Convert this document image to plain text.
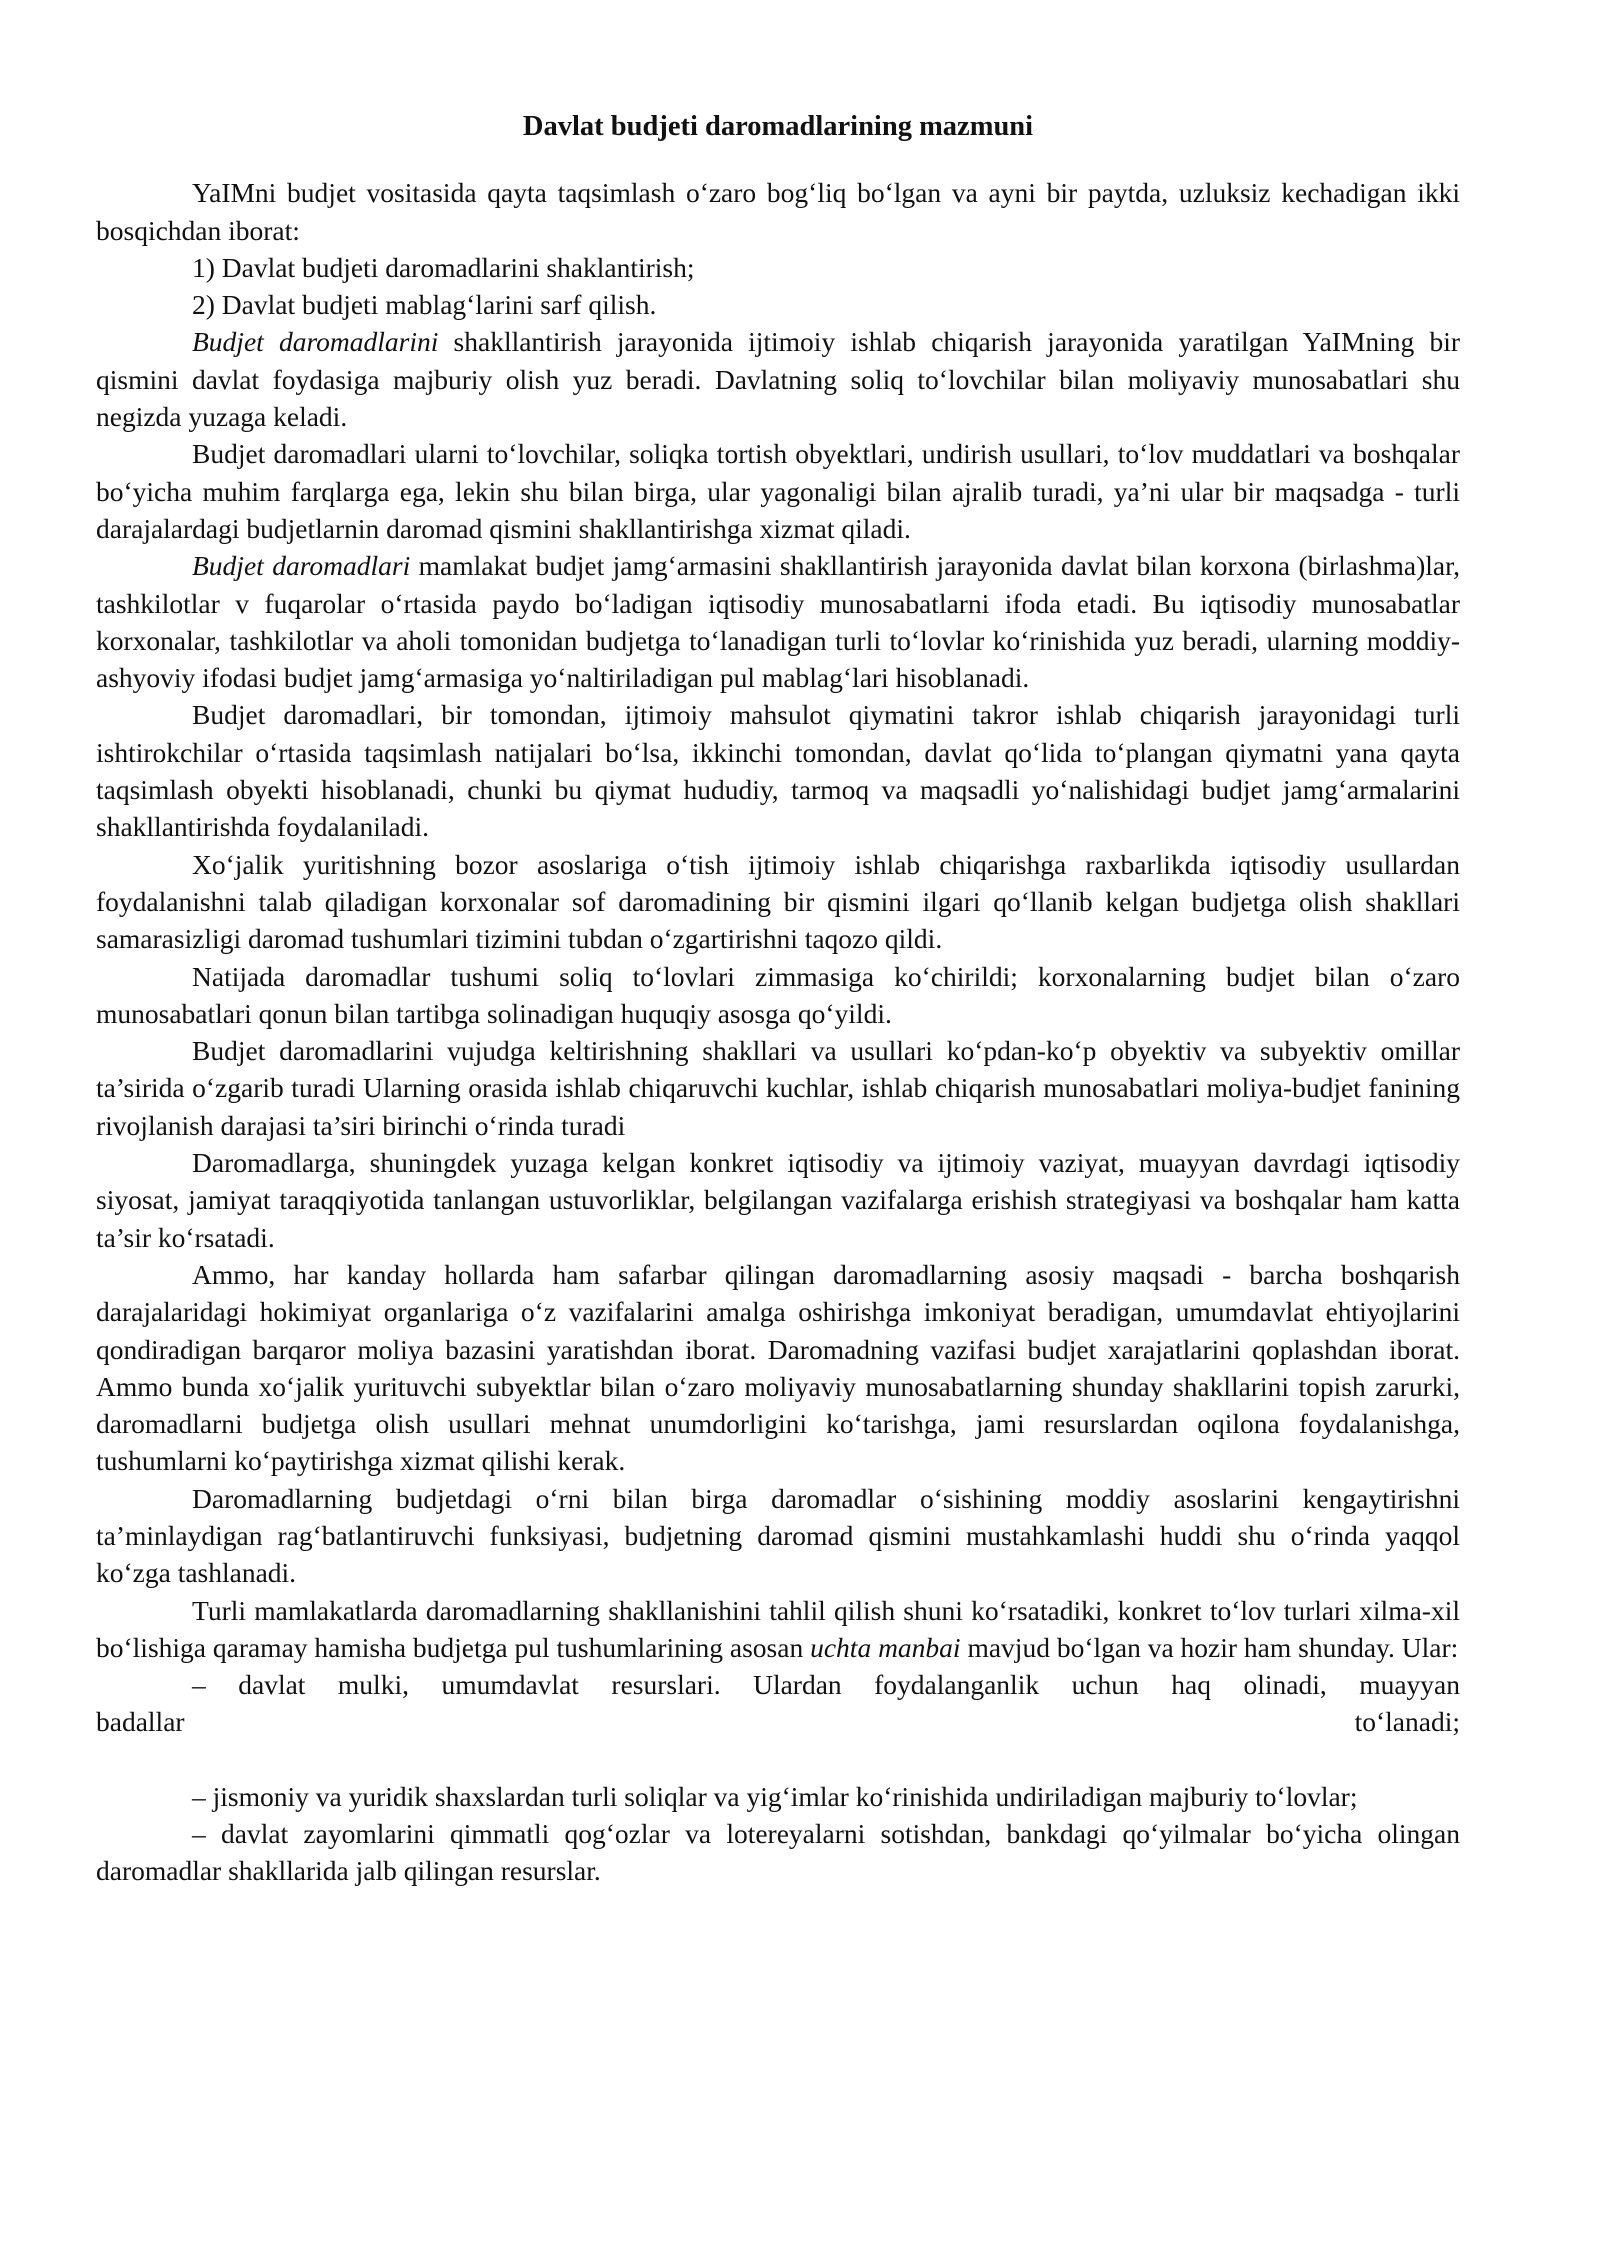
Davlat budjeti daromadlarining mazmuni

YaIMni budjet vositasida qayta taqsimlash o‘zaro bog‘liq bo‘lgan va ayni bir paytda, uzluksiz kechadigan ikki bosqichdan iborat:

1) Davlat budjeti daromadlarini shaklantirish;

2) Davlat budjeti mablag‘larini sarf qilish.

Budjet daromadlarini shakllantirish jarayonida ijtimoiy ishlab chiqarish jarayonida yaratilgan YaIMning bir qismini davlat foydasiga majburiy olish yuz beradi. Davlatning soliq to‘lovchilar bilan moliyaviy munosabatlari shu negizda yuzaga keladi.

Budjet daromadlari ularni to‘lovchilar, soliqka tortish obyektlari, undirish usullari, to‘lov muddatlari va boshqalar bo‘yicha muhim farqlarga ega, lekin shu bilan birga, ular yagonaligi bilan ajralib turadi, ya’ni ular bir maqsadga - turli darajalardagi budjetlarnin daromad qismini shakllantirishga xizmat qiladi.

Budjet daromadlari mamlakat budjet jamg‘armasini shakllantirish jarayonida davlat bilan korxona (birlashma)lar, tashkilotlar v fuqarolar o‘rtasida paydo bo‘ladigan iqtisodiy munosabatlarni ifoda etadi. Bu iqtisodiy munosabatlar korxonalar, tashkilotlar va aholi tomonidan budjetga to‘lanadigan turli to‘lovlar ko‘rinishida yuz beradi, ularning moddiy-ashyoviy ifodasi budjet jamg‘armasiga yo‘naltiriladigan pul mablag‘lari hisoblanadi.

Budjet daromadlari, bir tomondan, ijtimoiy mahsulot qiymatini takror ishlab chiqarish jarayonidagi turli ishtirokchilar o‘rtasida taqsimlash natijalari bo‘lsa, ikkinchi tomondan, davlat qo‘lida to‘plangan qiymatni yana qayta taqsimlash obyekti hisoblanadi, chunki bu qiymat hududiy, tarmoq va maqsadli yo‘nalishidagi budjet jamg‘armalarini shakllantirishda foydalaniladi.

Xo‘jalik yuritishning bozor asoslariga o‘tish ijtimoiy ishlab chiqarishga raxbarlikda iqtisodiy usullardan foydalanishni talab qiladigan korxonalar sof daromadining bir qismini ilgari qo‘llanib kelgan budjetga olish shakllari samarasizligi daromad tushumlari tizimini tubdan o‘zgartirishni taqozo qildi.

Natijada daromadlar tushumi soliq to‘lovlari zimmasiga ko‘chirildi; korxonalarning budjet bilan o‘zaro munosabatlari qonun bilan tartibga solinadigan huquqiy asosga qo‘yildi.

Budjet daromadlarini vujudga keltirishning shakllari va usullari ko‘pdan-ko‘p obyektiv va subyektiv omillar ta’sirida o‘zgarib turadi Ularning orasida ishlab chiqaruvchi kuchlar, ishlab chiqarish munosabatlari moliya-budjet fanining rivojlanish darajasi ta’siri birinchi o‘rinda turadi

Daromadlarga, shuningdek yuzaga kelgan konkret iqtisodiy va ijtimoiy vaziyat, muayyan davrdagi iqtisodiy siyosat, jamiyat taraqqiyotida tanlangan ustuvorliklar, belgilangan vazifalarga erishish strategiyasi va boshqalar ham katta ta’sir ko‘rsatadi.

Ammo, har kanday hollarda ham safarbar qilingan daromadlarning asosiy maqsadi - barcha boshqarish darajalaridagi hokimiyat organlariga o‘z vazifalarini amalga oshirishga imkoniyat beradigan, umumdavlat ehtiyojlarini qondiradigan barqaror moliya bazasini yaratishdan iborat. Daromadning vazifasi budjet xarajatlarini qoplashdan iborat. Ammo bunda xo‘jalik yurituvchi subyektlar bilan o‘zaro moliyaviy munosabatlarning shunday shakllarini topish zarurki, daromadlarni budjetga olish usullari mehnat unumdorligini ko‘tarishga, jami resurslardan oqilona foydalanishga, tushumlarni ko‘paytirishga xizmat qilishi kerak.

Daromadlarning budjetdagi o‘rni bilan birga daromadlar o‘sishining moddiy asoslarini kengaytirishni ta’minlaydigan rag‘batlantiruvchi funksiyasi, budjetning daromad qismini mustahkamlashi huddi shu o‘rinda yaqqol ko‘zga tashlanadi.

Turli mamlakatlarda daromadlarning shakllanishini tahlil qilish shuni ko‘rsatadiki, konkret to‘lov turlari xilma-xil bo‘lishiga qaramay hamisha budjetga pul tushumlarining asosan uchta manbai mavjud bo‘lgan va hozir ham shunday. Ular:

– davlat mulki, umumdavlat resurslari. Ulardan foydalanganlik uchun haq olinadi, muayyan

badallar	to‘lanadi;

– jismoniy va yuridik shaxslardan turli soliqlar va yig‘imlar ko‘rinishida undiriladigan majburiy to‘lovlar;

– davlat zayomlarini qimmatli qog‘ozlar va lotereyalarni sotishdan, bankdagi qo‘yilmalar bo‘yicha olingan daromadlar shakllarida jalb qilingan resurslar.
